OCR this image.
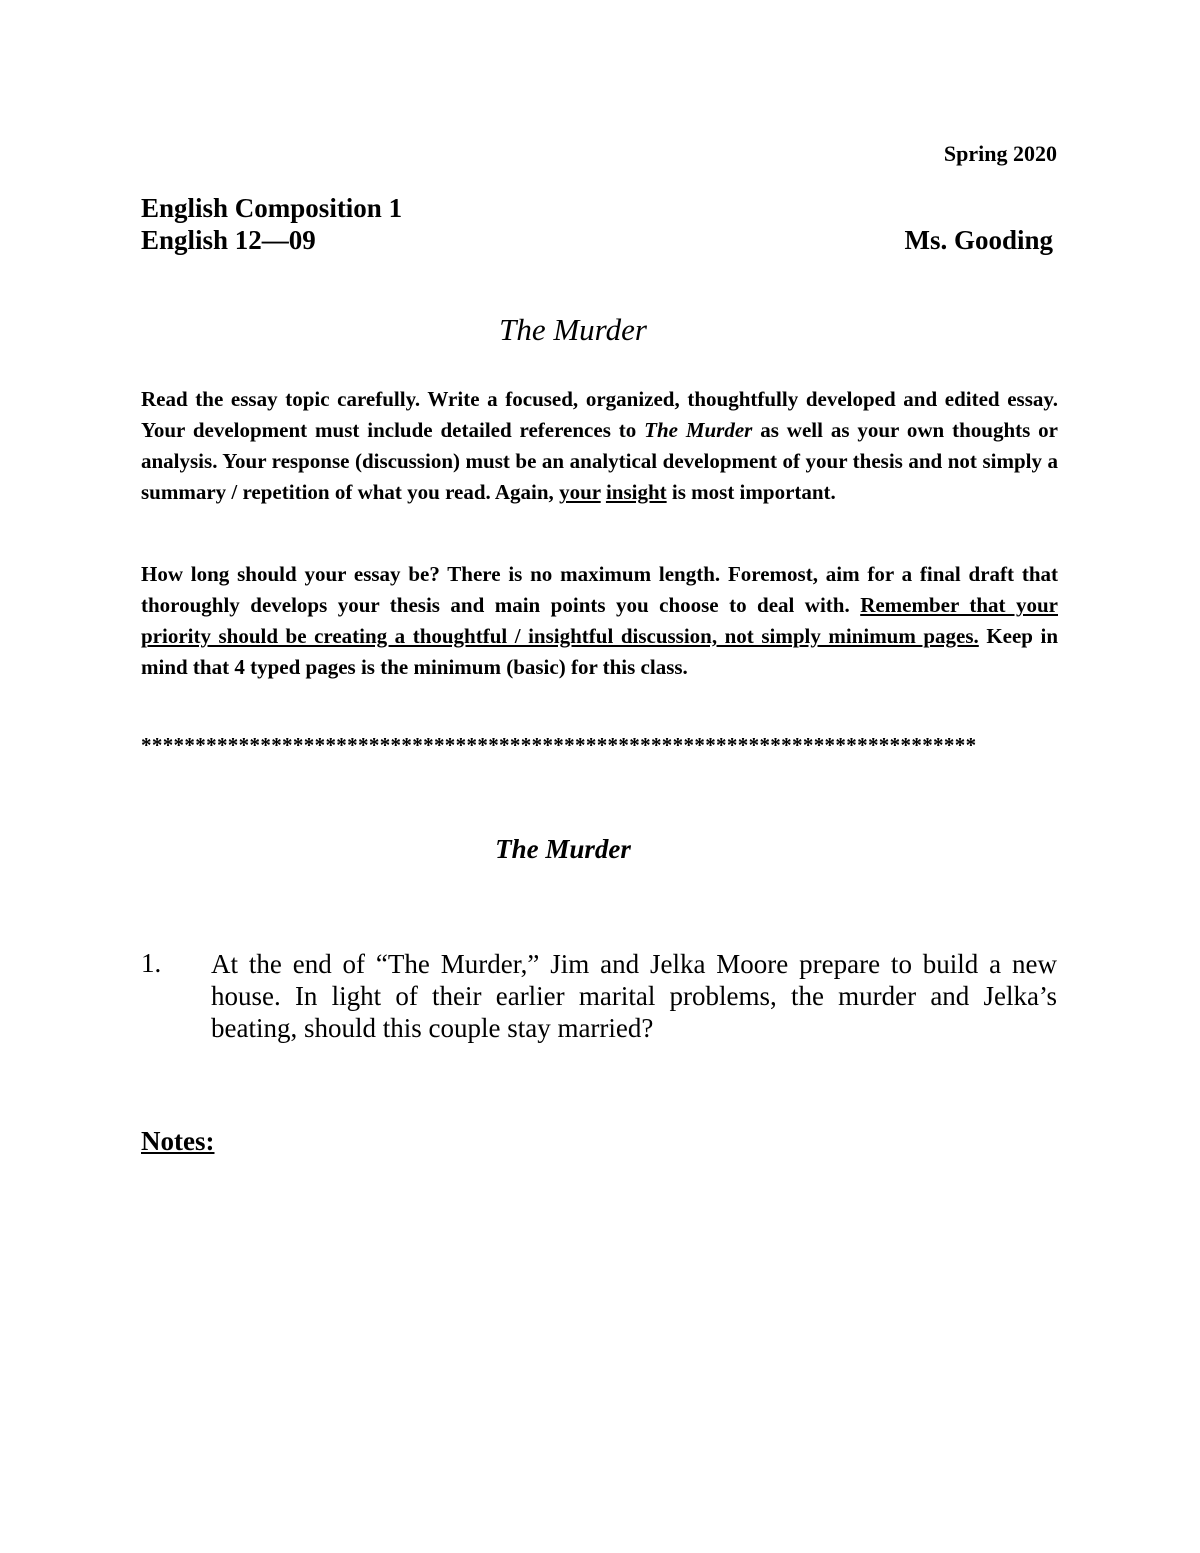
Spring 2020
English Composition 1
English 12—09	Ms. Gooding
The Murder
Read the essay topic carefully. Write a focused, organized, thoughtfully developed and edited essay. Your development must include detailed references to The Murder as well as your own thoughts or analysis. Your response (discussion) must be an analytical development of your thesis and not simply a summary / repetition of what you read. Again, your insight is most important.
How long should your essay be? There is no maximum length. Foremost, aim for a final draft that thoroughly develops your thesis and main points you choose to deal with. Remember that your priority should be creating a thoughtful / insightful discussion, not simply minimum pages. Keep in mind that 4 typed pages is the minimum (basic) for this class.
*****************************************************************************
The Murder
1. At the end of “The Murder,” Jim and Jelka Moore prepare to build a new house. In light of their earlier marital problems, the murder and Jelka’s beating, should this couple stay married?
Notes:
